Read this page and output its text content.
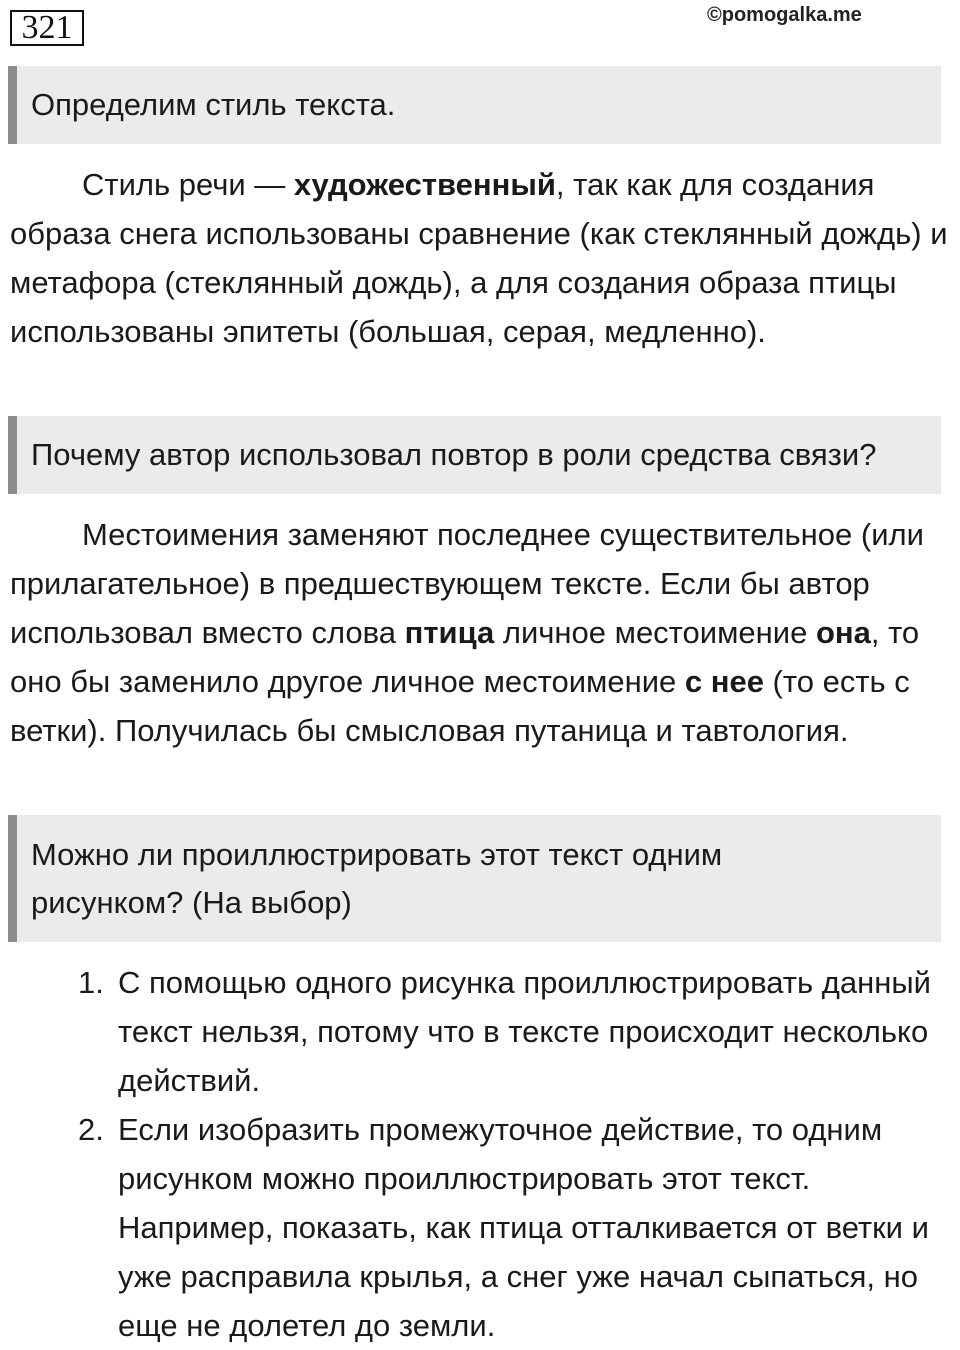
321	©pomogalka.me
Определим стиль текста.
Стиль речи — художественный, так как для создания образа снега использованы сравнение (как стеклянный дождь) и метафора (стеклянный дождь), а для создания образа птицы использованы эпитеты (большая, серая, медленно).
Почему автор использовал повтор в роли средства связи?
Местоимения заменяют последнее существительное (или прилагательное) в предшествующем тексте. Если бы автор использовал вместо слова птица личное местоимение она, то оно бы заменило другое личное местоимение с нее (то есть с ветки). Получилась бы смысловая путаница и тавтология.
Можно ли проиллюстрировать этот текст одним рисунком? (На выбор)
1. С помощью одного рисунка проиллюстрировать данный текст нельзя, потому что в тексте происходит несколько действий.
2. Если изобразить промежуточное действие, то одним рисунком можно проиллюстрировать этот текст. Например, показать, как птица отталкивается от ветки и уже расправила крылья, а снег уже начал сыпаться, но еще не долетел до земли.
